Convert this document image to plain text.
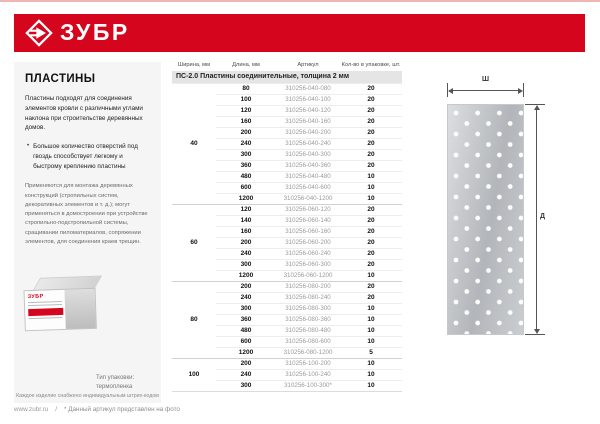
ЗУБР
ПЛАСТИНЫ
Пластины подходят для соединения элементов кровли с различными углами наклона при строительстве деревянных домов.
• Большое количество отверстий под гвоздь способствует легкому и быстрому креплению пластины
Применяются для монтажа деревянных конструкций (стропильных систем, декоративных элементов и т. д.); могут применяться в домостроении при устройстве стропильно-подстропильной системы, сращивании пиломатериалов, сопряжении элементов, для соединения краев трещин.
ЗУБР
Тип упаковки: термопленка
Каждое изделие снабжено индивидуальным штрих-кодом
Ширина, мм	Длина, мм	Артикул	Кол-во в упаковке, шт.
ПС-2.0 Пластины соединительные, толщина 2 мм			
40	80	310256-040-080	20
	100	310256-040-100	20
	120	310256-040-120	20
	160	310256-040-160	20
	200	310256-040-200	20
	240	310256-040-240	20
	300	310256-040-300	20
	360	310256-040-360	20
	480	310256-040-480	10
	600	310256-040-600	10
	1200	310256-040-1200	10
60	120	310256-060-120	20
	140	310256-060-140	20
	160	310256-060-160	20
	200	310256-060-200	20
	240	310256-060-240	20
	300	310256-060-300	20
	1200	310256-060-1200	10
80	200	310256-080-200	20
	240	310256-080-240	20
	300	310256-080-300	10
	360	310256-080-360	10
	480	310256-080-480	10
	600	310256-080-600	10
	1200	310256-080-1200	5
100	200	310256-100-200	10
	240	310256-100-240	10
	300	310256-100-300*	10
Ш
Д
www.zubr.ru / * Данный артикул представлен на фото
